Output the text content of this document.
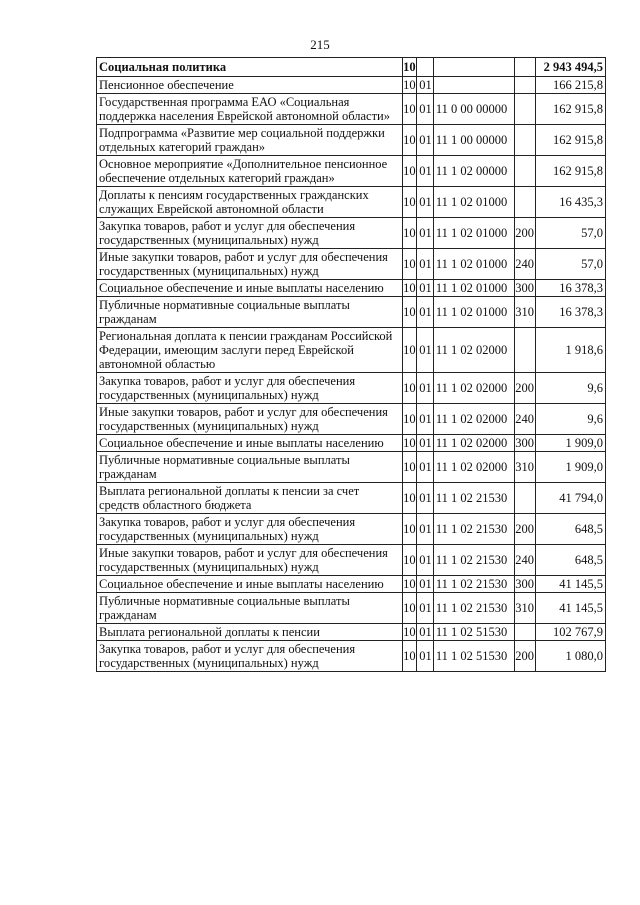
215
Социальная политика	10				2 943 494,5
Пенсионное обеспечение	10	01			166 215,8
Государственная программа ЕАО «Социальная поддержка населения Еврейской автономной области»	10	01	11 0 00 00000		162 915,8
Подпрограмма «Развитие мер социальной поддержки отдельных категорий граждан»	10	01	11 1 00 00000		162 915,8
Основное мероприятие «Дополнительное пенсионное обеспечение отдельных категорий граждан»	10	01	11 1 02 00000		162 915,8
Доплаты к пенсиям государственных гражданских служащих Еврейской автономной области	10	01	11 1 02 01000		16 435,3
Закупка товаров, работ и услуг для обеспечения государственных (муниципальных) нужд	10	01	11 1 02 01000	200	57,0
Иные закупки товаров, работ и услуг для обеспечения государственных (муниципальных) нужд	10	01	11 1 02 01000	240	57,0
Социальное обеспечение и иные выплаты населению	10	01	11 1 02 01000	300	16 378,3
Публичные нормативные социальные выплаты гражданам	10	01	11 1 02 01000	310	16 378,3
Региональная доплата к пенсии гражданам Российской Федерации, имеющим заслуги перед Еврейской автономной областью	10	01	11 1 02 02000		1 918,6
Закупка товаров, работ и услуг для обеспечения государственных (муниципальных) нужд	10	01	11 1 02 02000	200	9,6
Иные закупки товаров, работ и услуг для обеспечения государственных (муниципальных) нужд	10	01	11 1 02 02000	240	9,6
Социальное обеспечение и иные выплаты населению	10	01	11 1 02 02000	300	1 909,0
Публичные нормативные социальные выплаты гражданам	10	01	11 1 02 02000	310	1 909,0
Выплата региональной доплаты к пенсии за счет средств областного бюджета	10	01	11 1 02 21530		41 794,0
Закупка товаров, работ и услуг для обеспечения государственных (муниципальных) нужд	10	01	11 1 02 21530	200	648,5
Иные закупки товаров, работ и услуг для обеспечения государственных (муниципальных) нужд	10	01	11 1 02 21530	240	648,5
Социальное обеспечение и иные выплаты населению	10	01	11 1 02 21530	300	41 145,5
Публичные нормативные социальные выплаты гражданам	10	01	11 1 02 21530	310	41 145,5
Выплата региональной доплаты к пенсии	10	01	11 1 02 51530		102 767,9
Закупка товаров, работ и услуг для обеспечения государственных (муниципальных) нужд	10	01	11 1 02 51530	200	1 080,0
